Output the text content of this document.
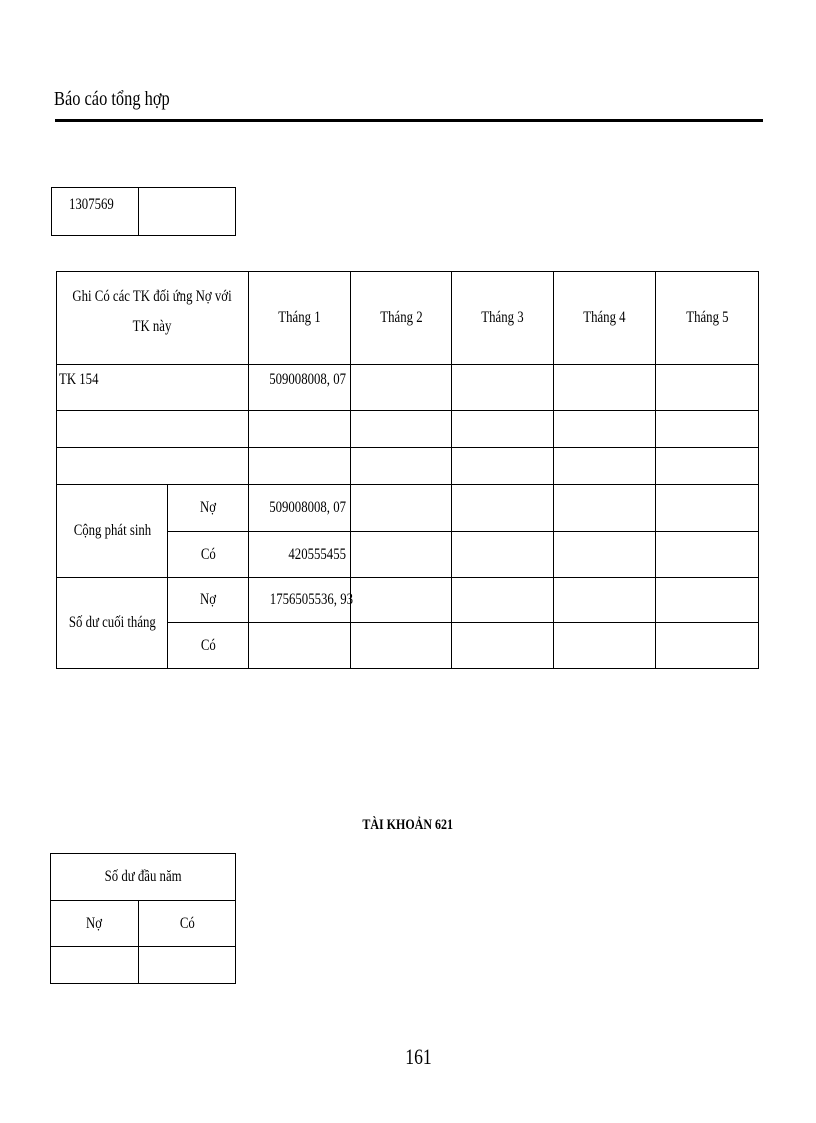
Báo cáo tổng hợp
1307569	
Ghi Có các TK đối ứng Nợ với TK này		Tháng 1	Tháng 2	Tháng 3	Tháng 4	Tháng 5
TK 154		509008008, 07				

Cộng phát sinh	Nợ	509008008, 07				
	Có	420555455				
Số dư cuối tháng	Nợ	1756505536, 93				
	Có					
TÀI KHOẢN 621
Số dư đầu năm	
Nợ	Có

161
